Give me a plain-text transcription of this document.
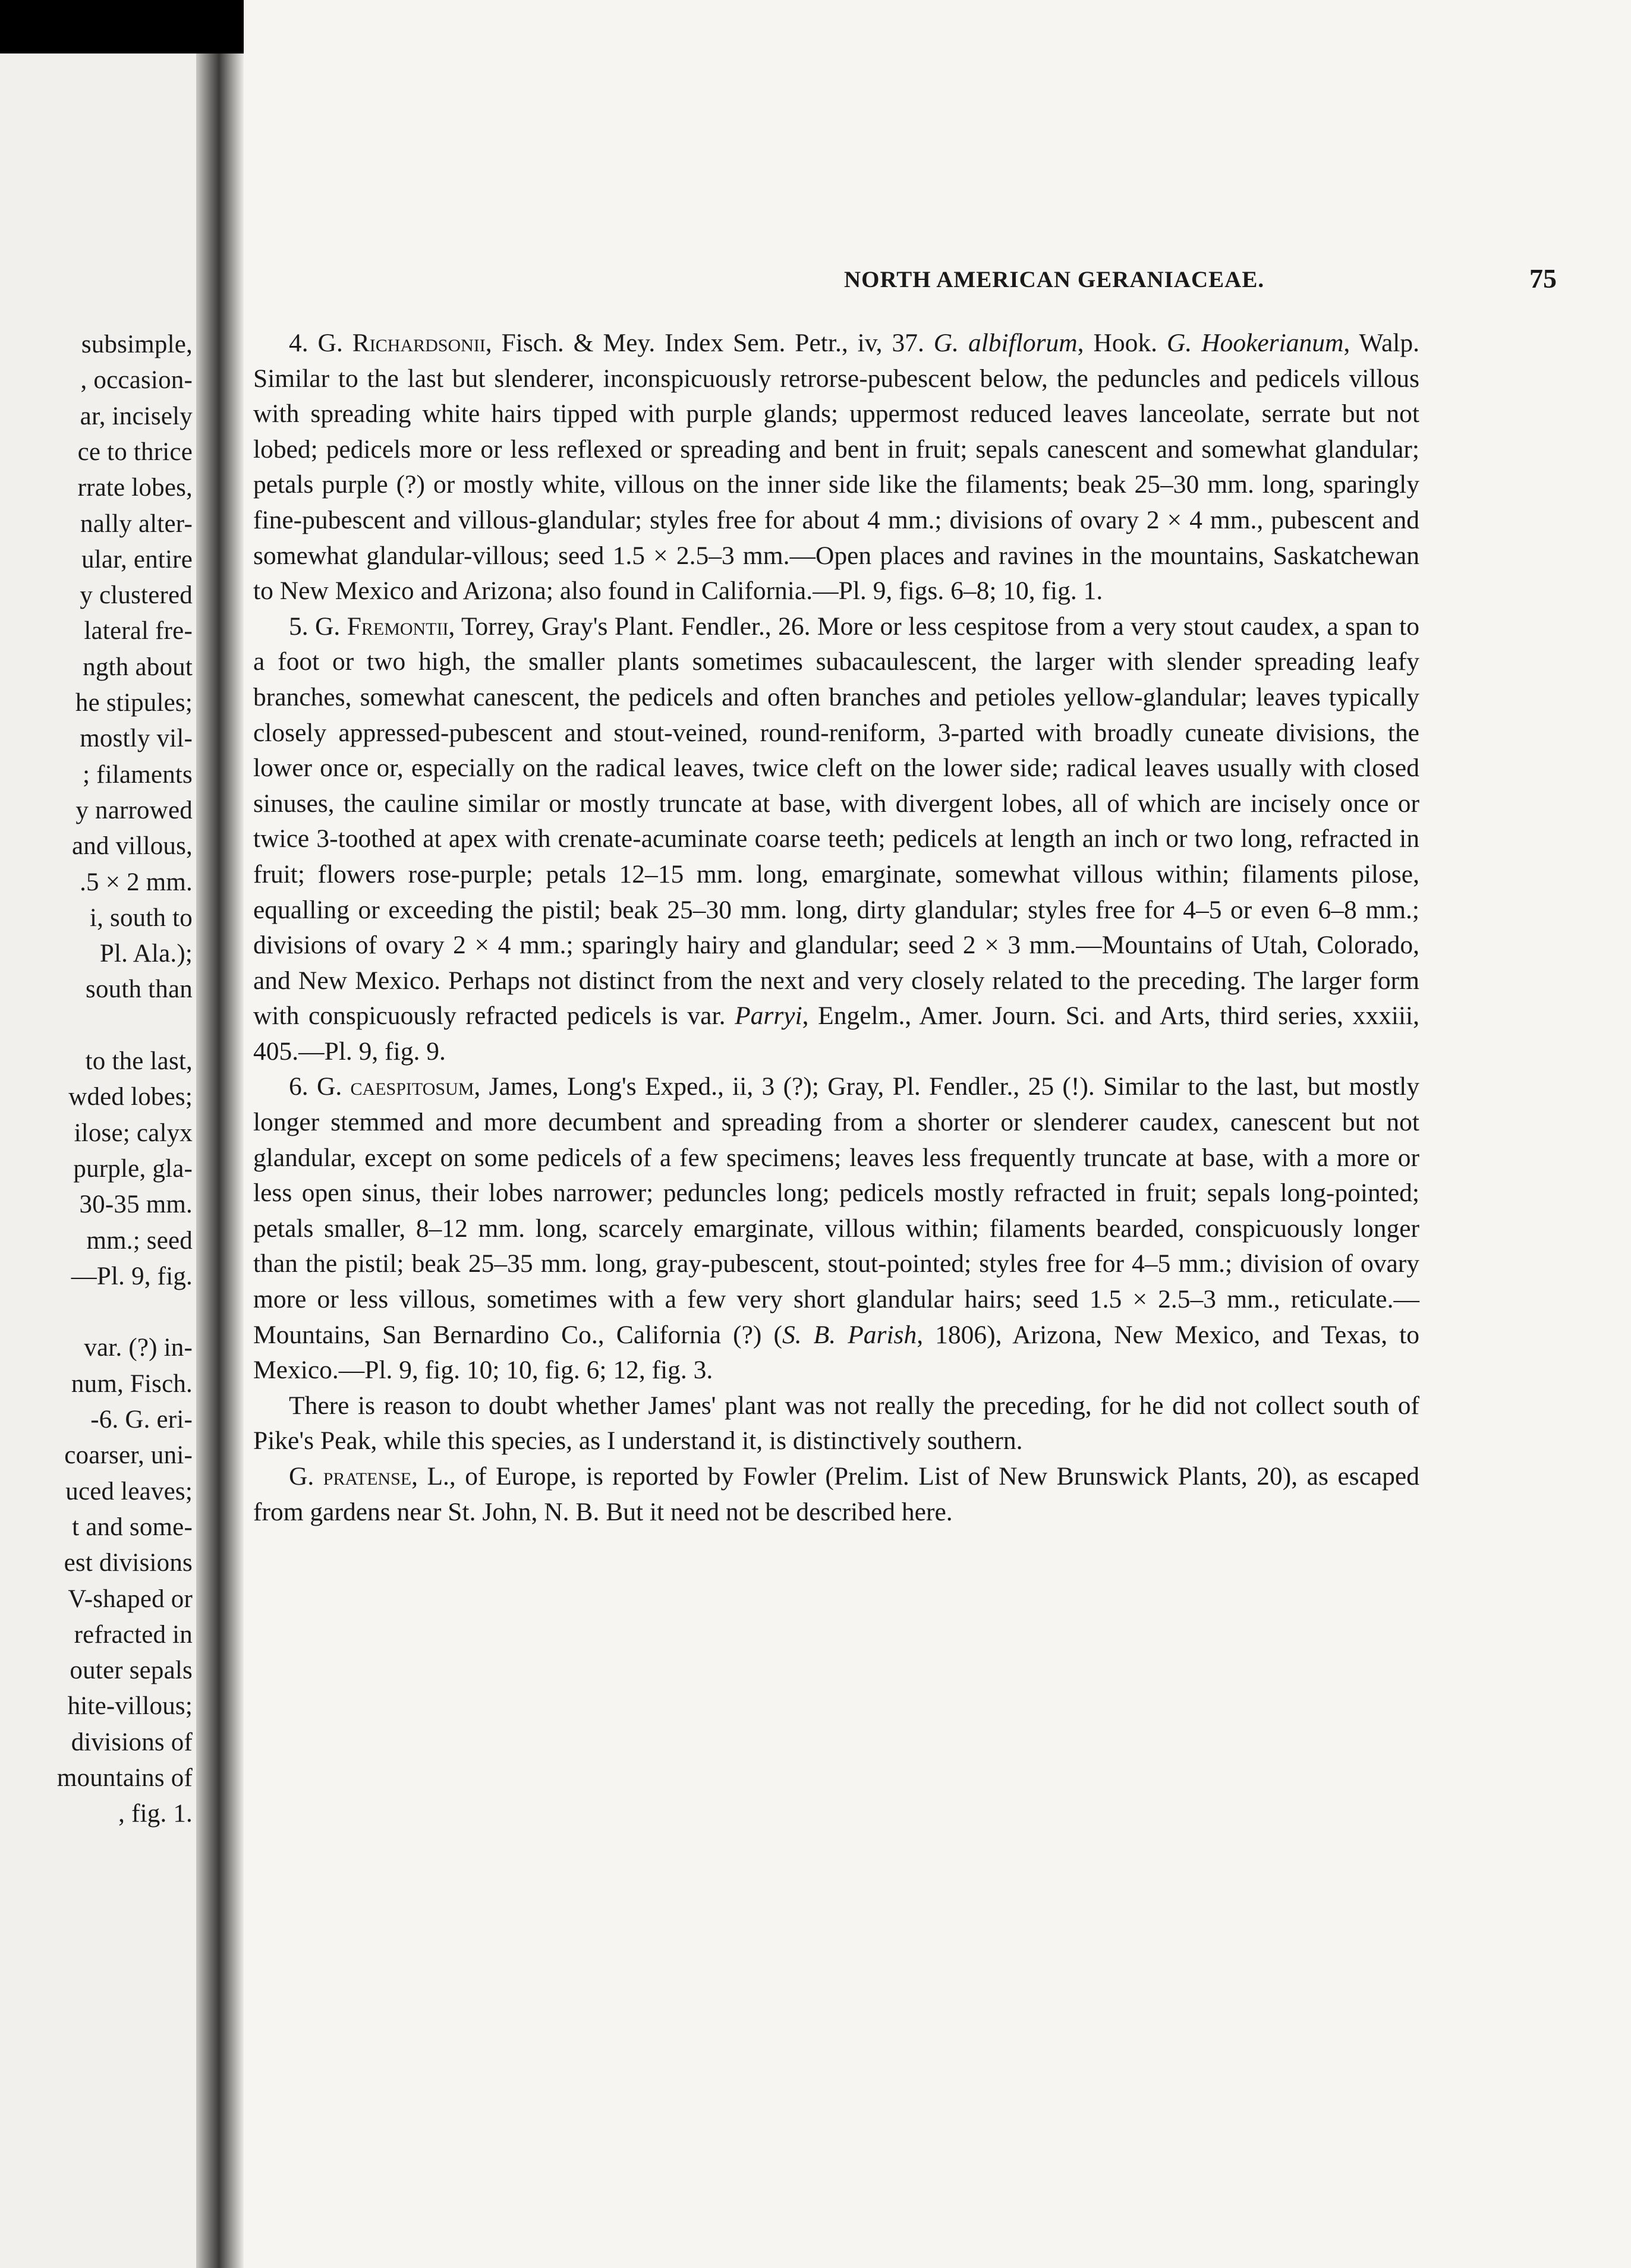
subsimple,
, occasion-
ar, incisely
ce to thrice
rrate lobes,
nally alter-
ular, entire
y clustered
lateral fre-
ngth about
he stipules;
mostly vil-
; filaments
y narrowed
and villous,
.5 × 2 mm.
i, south to
Pl. Ala.);
south than
to the last,
wded lobes;
ilose; calyx
purple, gla-
30-35 mm.
mm.; seed
—Pl. 9, fig.
var. (?) in-
num, Fisch.
-6. G. eri-
coarser, uni-
uced leaves;
t and some-
est divisions
V-shaped or
refracted in
outer sepals
hite-villous;
divisions of
mountains of
, fig. 1.
NORTH AMERICAN GERANIACEAE.	75

4. G. Richardsonii, Fisch. & Mey. Index Sem. Petr., iv, 37. G. albiflorum, Hook. G. Hookerianum, Walp. Similar to the last but slenderer, inconspicuously retrorse-pubescent below, the peduncles and pedicels villous with spreading white hairs tipped with purple glands; uppermost reduced leaves lanceolate, serrate but not lobed; pedicels more or less reflexed or spreading and bent in fruit; sepals canescent and somewhat glandular; petals purple (?) or mostly white, villous on the inner side like the filaments; beak 25–30 mm. long, sparingly fine-pubescent and villous-glandular; styles free for about 4 mm.; divisions of ovary 2 × 4 mm., pubescent and somewhat glandular-villous; seed 1.5 × 2.5–3 mm.—Open places and ravines in the mountains, Saskatchewan to New Mexico and Arizona; also found in California.—Pl. 9, figs. 6–8; 10, fig. 1.

5. G. Fremontii, Torrey, Gray's Plant. Fendler., 26. More or less cespitose from a very stout caudex, a span to a foot or two high, the smaller plants sometimes subacaulescent, the larger with slender spreading leafy branches, somewhat canescent, the pedicels and often branches and petioles yellow-glandular; leaves typically closely appressed-pubescent and stout-veined, round-reniform, 3-parted with broadly cuneate divisions, the lower once or, especially on the radical leaves, twice cleft on the lower side; radical leaves usually with closed sinuses, the cauline similar or mostly truncate at base, with divergent lobes, all of which are incisely once or twice 3-toothed at apex with crenate-acuminate coarse teeth; pedicels at length an inch or two long, refracted in fruit; flowers rose-purple; petals 12–15 mm. long, emarginate, somewhat villous within; filaments pilose, equalling or exceeding the pistil; beak 25–30 mm. long, dirty glandular; styles free for 4–5 or even 6–8 mm.; divisions of ovary 2 × 4 mm.; sparingly hairy and glandular; seed 2 × 3 mm.—Mountains of Utah, Colorado, and New Mexico. Perhaps not distinct from the next and very closely related to the preceding. The larger form with conspicuously refracted pedicels is var. Parryi, Engelm., Amer. Journ. Sci. and Arts, third series, xxxiii, 405.—Pl. 9, fig. 9.

6. G. caespitosum, James, Long's Exped., ii, 3 (?); Gray, Pl. Fendler., 25 (!). Similar to the last, but mostly longer stemmed and more decumbent and spreading from a shorter or slenderer caudex, canescent but not glandular, except on some pedicels of a few specimens; leaves less frequently truncate at base, with a more or less open sinus, their lobes narrower; peduncles long; pedicels mostly refracted in fruit; sepals long-pointed; petals smaller, 8–12 mm. long, scarcely emarginate, villous within; filaments bearded, conspicuously longer than the pistil; beak 25–35 mm. long, gray-pubescent, stout-pointed; styles free for 4–5 mm.; division of ovary more or less villous, sometimes with a few very short glandular hairs; seed 1.5 × 2.5–3 mm., reticulate.—Mountains, San Bernardino Co., California (?) (S. B. Parish, 1806), Arizona, New Mexico, and Texas, to Mexico.—Pl. 9, fig. 10; 10, fig. 6; 12, fig. 3.

There is reason to doubt whether James' plant was not really the preceding, for he did not collect south of Pike's Peak, while this species, as I understand it, is distinctively southern.

G. pratense, L., of Europe, is reported by Fowler (Prelim. List of New Brunswick Plants, 20), as escaped from gardens near St. John, N. B. But it need not be described here.
